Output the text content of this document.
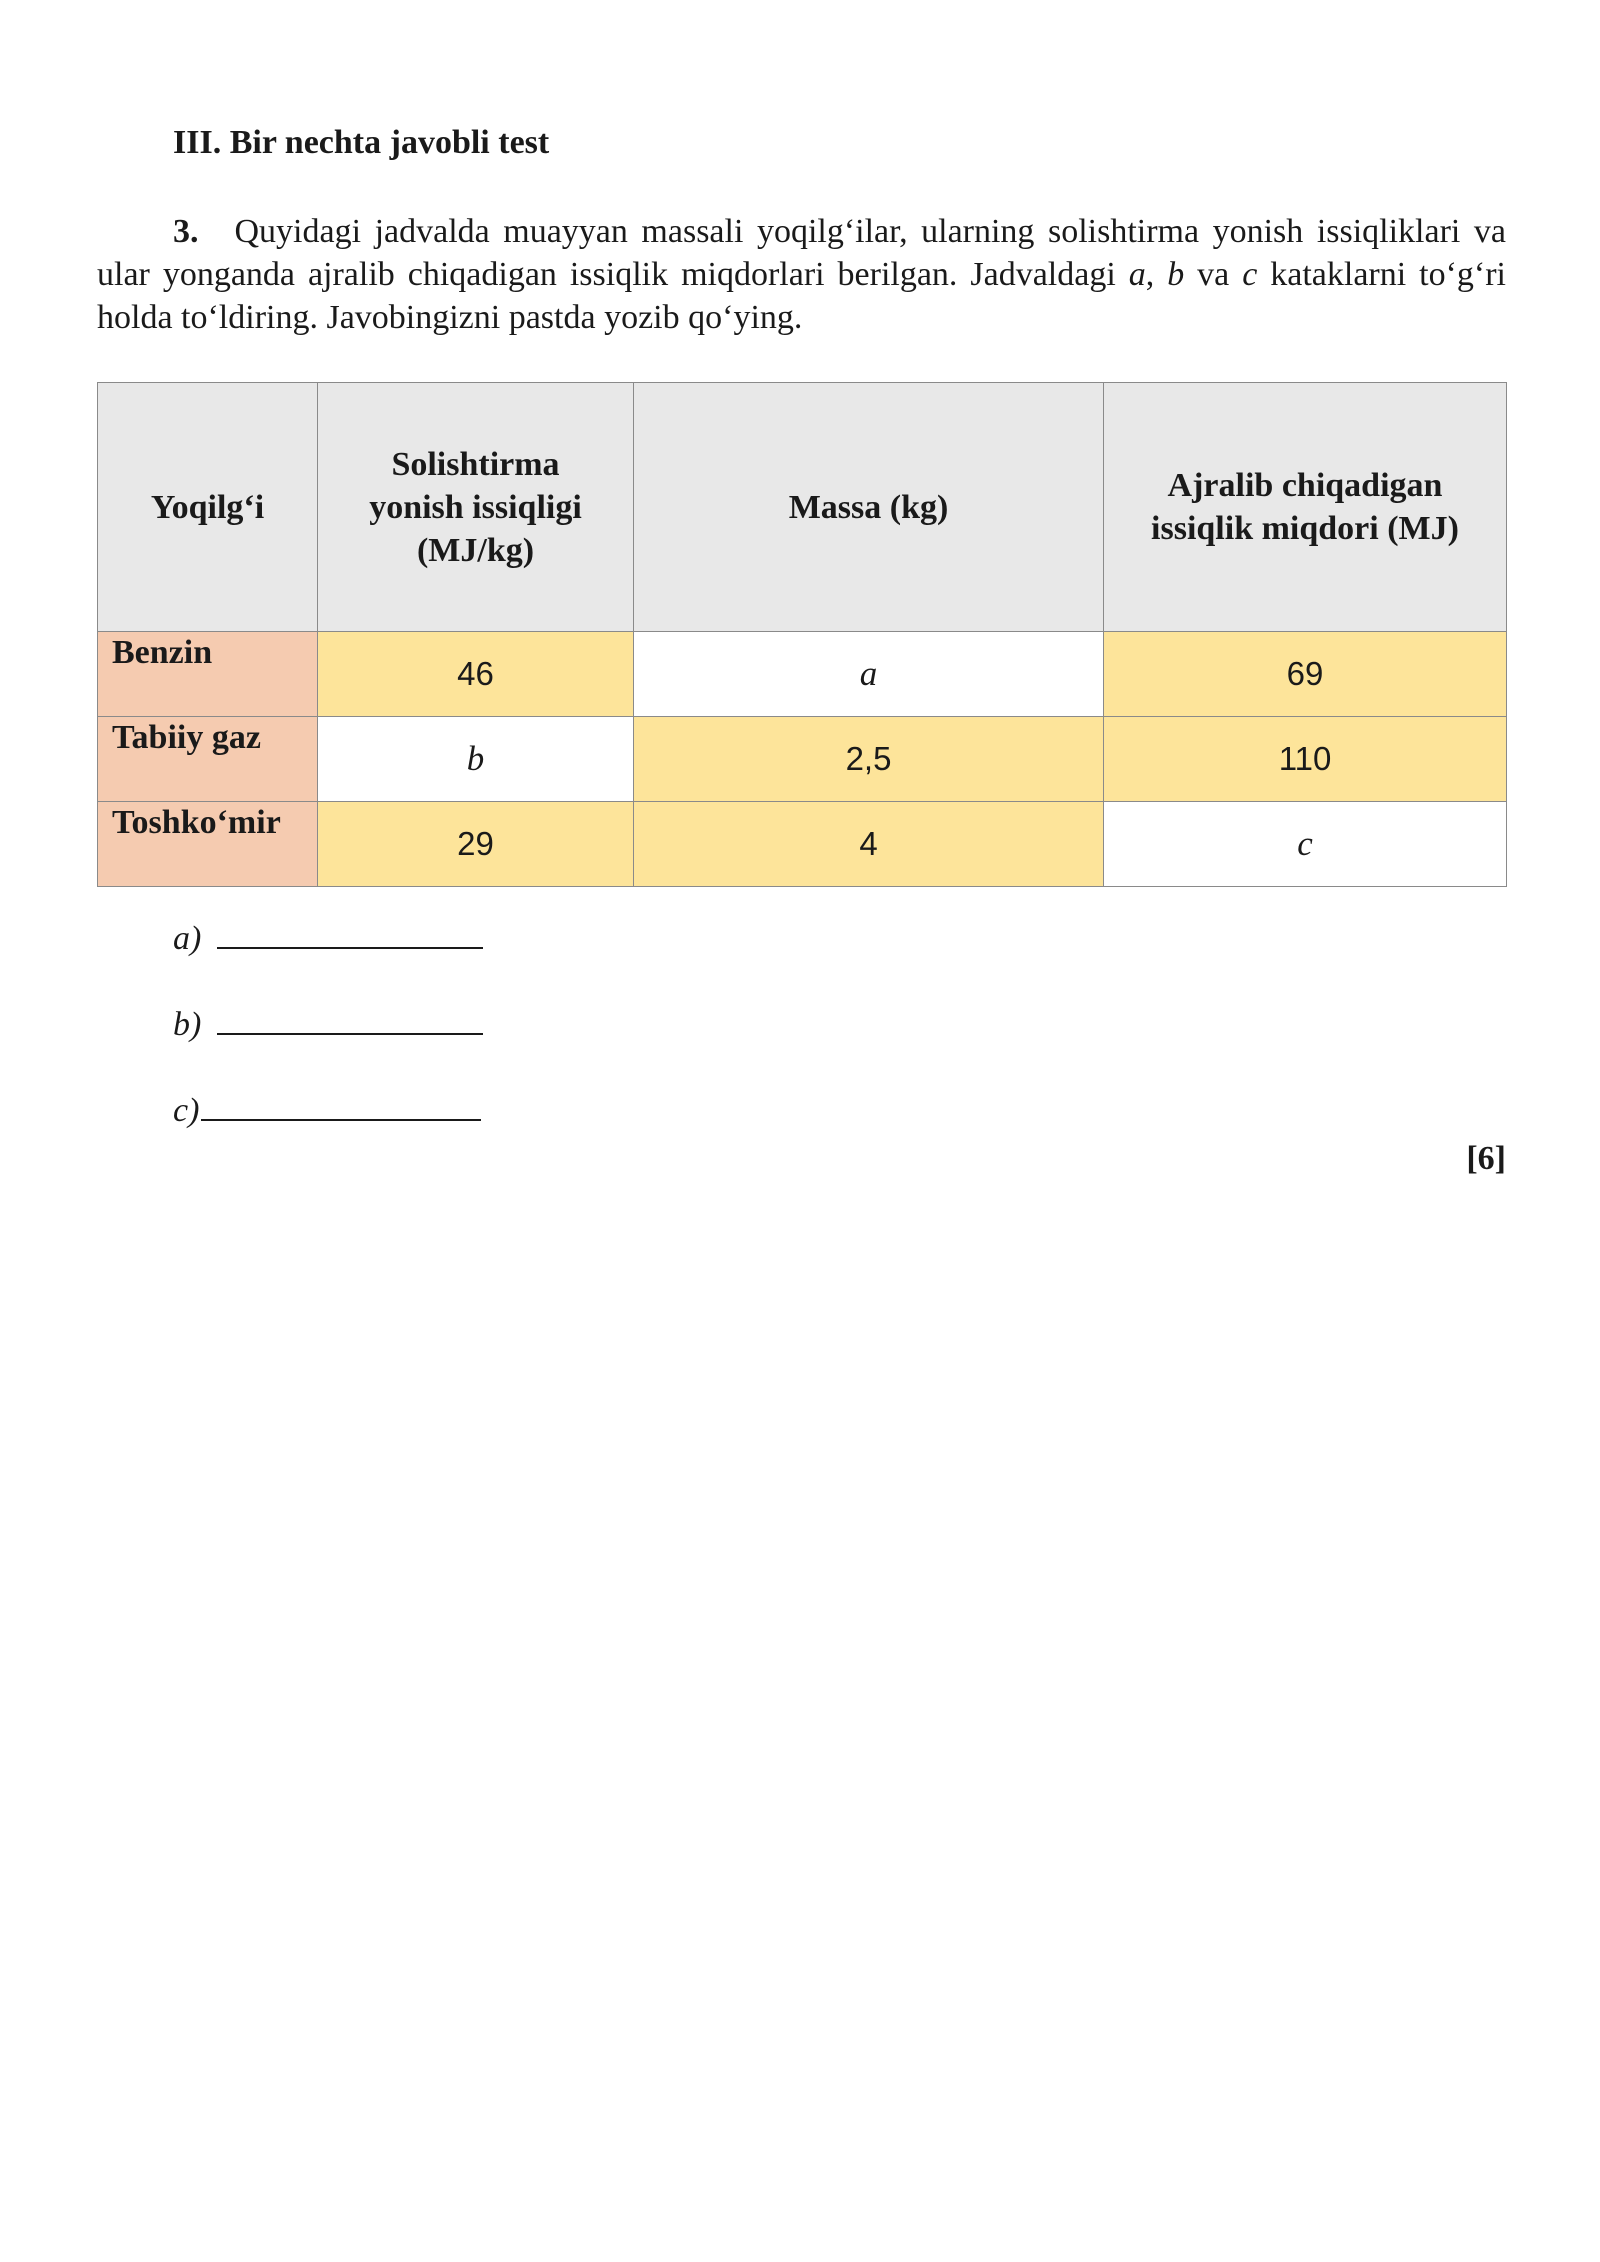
III. Bir nechta javobli test

3. Quyidagi jadvalda muayyan massali yoqilg‘ilar, ularning solishtirma yonish issiqliklari va ular yonganda ajralib chiqadigan issiqlik miqdorlari berilgan. Jadvaldagi a, b va c kataklarni to‘g‘ri holda to‘ldiring. Javobingizni pastda yozib qo‘ying.

Yoqilg‘i	Solishtirma yonish issiqligi (MJ/kg)	Massa (kg)	Ajralib chiqadigan issiqlik miqdori (MJ)

Benzin	46	a	69
Tabiiy gaz	b	2,5	110
Toshko‘mir	29	4	c
a)
b)
c)
[6]
